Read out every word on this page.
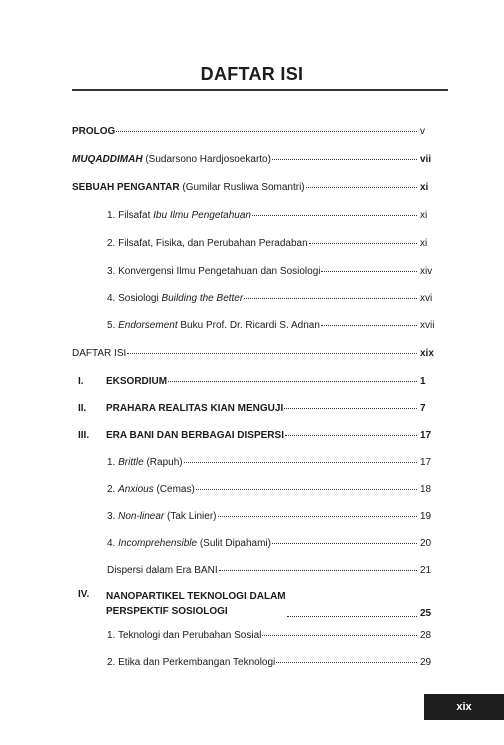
DAFTAR ISI
PROLOG	v
MUQADDIMAH (Sudarsono Hardjosoekarto)	vii
SEBUAH PENGANTAR (Gumilar Rusliwa Somantri)	xi
1. Filsafat Ibu Ilmu Pengetahuan	xi
2. Filsafat, Fisika, dan Perubahan Peradaban	xi
3. Konvergensi Ilmu Pengetahuan dan Sosiologi	xiv
4. Sosiologi Building the Better	xvi
5. Endorsement Buku Prof. Dr. Ricardi S. Adnan	xvii
DAFTAR ISI	xix
I.	EKSORDIUM	1
II.	PRAHARA REALITAS KIAN MENGUJI	7
III.	ERA BANI DAN BERBAGAI DISPERSI	17
1. Brittle (Rapuh)	17
2. Anxious (Cemas)	18
3. Non-linear (Tak Linier)	19
4. Incomprehensible (Sulit Dipahami)	20
Dispersi dalam Era BANI	21
IV.	NANOPARTIKEL TEKNOLOGI DALAM
PERSPEKTIF SOSIOLOGI	25
1. Teknologi dan Perubahan Sosial	28
2. Etika dan Perkembangan Teknologi	29
xix
